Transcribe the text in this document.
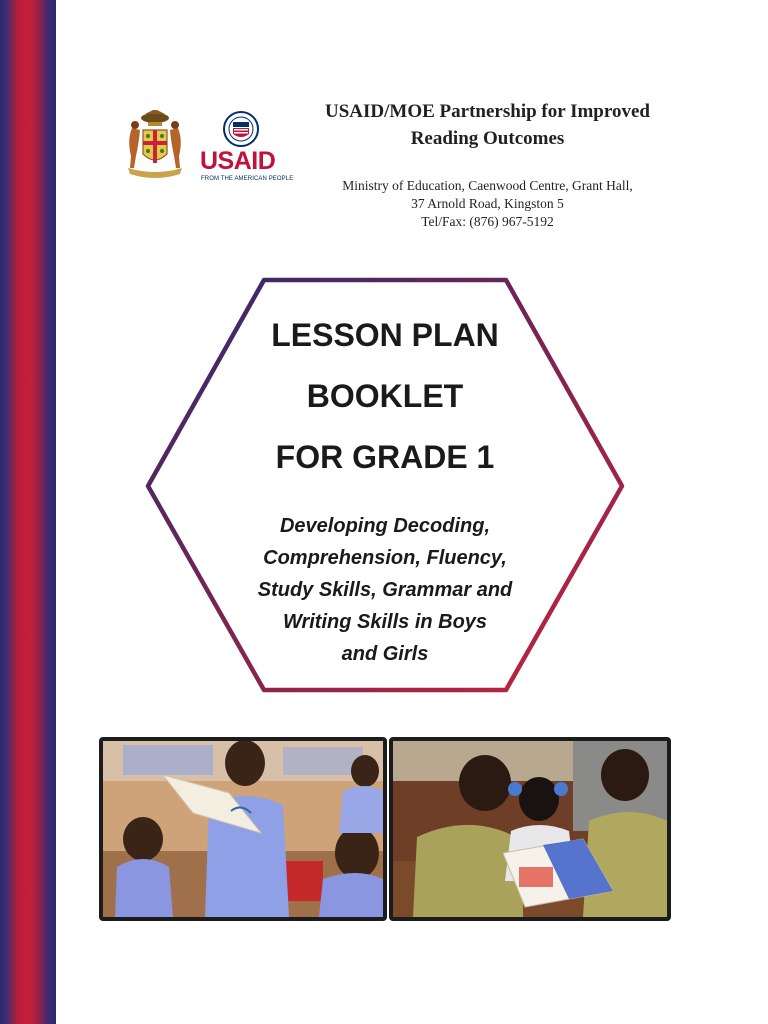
USAID
FROM THE AMERICAN PEOPLE
USAID/MOE Partnership for Improved
Reading Outcomes
Ministry of Education, Caenwood Centre, Grant Hall,
37 Arnold Road, Kingston 5
Tel/Fax: (876) 967-5192
LESSON PLAN
BOOKLET
FOR GRADE 1
Developing Decoding,
Comprehension, Fluency,
Study Skills, Grammar and
Writing Skills in Boys
and Girls
